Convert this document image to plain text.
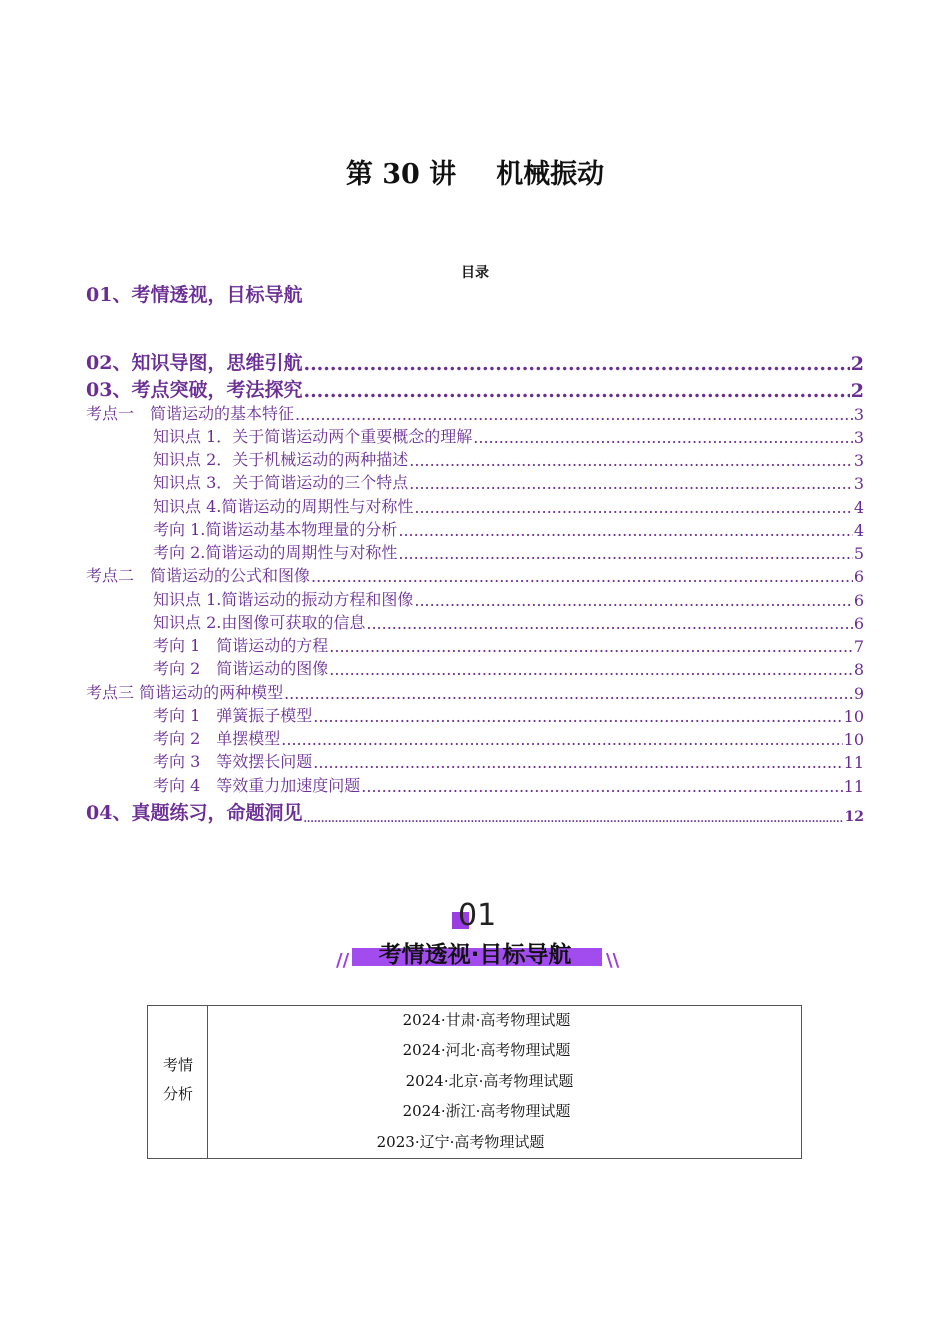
第 30 讲 机械振动
目录
01、考情透视，目标导航
02、知识导图，思维引航 .....	2
03、考点突破，考法探究 .....	2
考点一　简谐运动的基本特征 .....	3
知识点 1．关于简谐运动两个重要概念的理解 .....	3
知识点 2．关于机械运动的两种描述 .....	3
知识点 3．关于简谐运动的三个特点 .....	3
知识点 4.简谐运动的周期性与对称性 .....	4
考向 1.简谐运动基本物理量的分析 .....	4
考向 2.简谐运动的周期性与对称性 .....	5
考点二　简谐运动的公式和图像 .....	6
知识点 1.简谐运动的振动方程和图像 .....	6
知识点 2.由图像可获取的信息 .....	6
考向 1　简谐运动的方程 .....	7
考向 2　简谐运动的图像 .....	8
考点三 简谐运动的两种模型 .....	9
考向 1　弹簧振子模型 .....	10
考向 2　单摆模型 .....	10
考向 3　等效摆长问题 .....	11
考向 4　等效重力加速度问题 .....	11
04、真题练习，命题洞见 .....	12
01
//	考情透视·目标导航	\\
考情
分析
2024·甘肃·高考物理试题
2024·河北·高考物理试题
2024·北京·高考物理试题
2024·浙江·高考物理试题
2023·辽宁·高考物理试题
